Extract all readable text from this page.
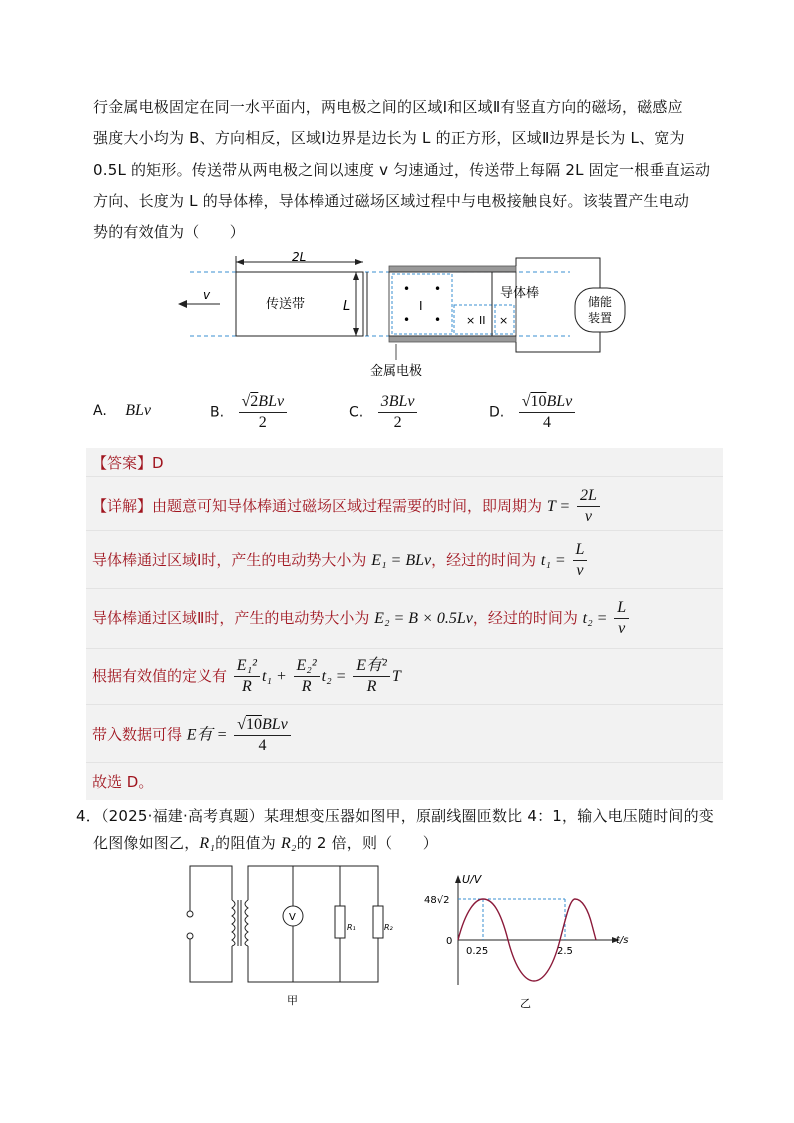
行金属电极固定在同一水平面内，两电极之间的区域Ⅰ和区域Ⅱ有竖直方向的磁场，磁感应
强度大小均为 B、方向相反，区域Ⅰ边界是边长为 L 的正方形，区域Ⅱ边界是长为 L、宽为
0.5L 的矩形。传送带从两电极之间以速度 v 匀速通过，传送带上每隔 2L 固定一根垂直运动
方向、长度为 L 的导体棒，导体棒通过磁场区域过程中与电极接触良好。该装置产生电动
势的有效值为（　　）
传送带
2L
L
v	• •
• •
I
× II ×
导体棒
储能
装置
金属电极
A. BLv	B. $\frac{\text{√2BLv}}{2}$	C. $\frac{\text{3BLv}}{2}$	D. $\frac{\text{√10BLv}}{4}$
【答案】D
【详解】由题意可知导体棒通过磁场区域过程需要的时间，即周期为 $T = \frac{2L}{v}$
导体棒通过区域Ⅰ时，产生的电动势大小为 E₁ = BLv，经过的时间为 $t_1 = \frac{L}{v}$
导体棒通过区域Ⅱ时，产生的电动势大小为 E₂ = B × 0.5Lv，经过的时间为 $t_2 = \frac{L}{v}$
根据有效值的定义有 $\frac{\text{E₁²}}{R} t_1 + \frac{\text{E₂²}}{R} t_2 = \frac{\text{E有²}}{R}$ T
带入数据可得 E有 = $\frac{\text{√10BLv}}{4}$
故选 D。
4．（2025·福建·高考真题）某理想变压器如图甲，原副线圈匝数比 4：1，输入电压随时间的变
化图像如图乙，R₁的阻值为 R₂的 2 倍，则（　　）
V
R₁	R₂
甲
U/V
t/s
48√2
0
0.25	2.5
乙
